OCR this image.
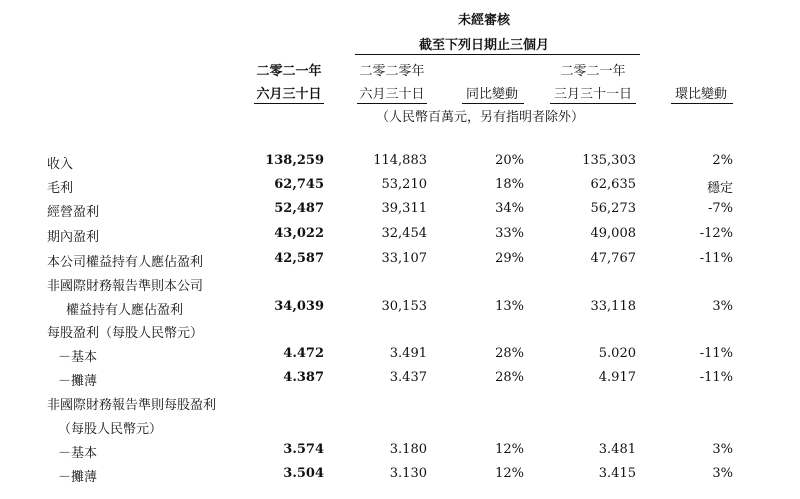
未經審核
截至下列日期止三個月
二零二一年
六月三十日
二零二零年
六月三十日	同比變動
二零二一年
三月三十一日	環比變動
（人民幣百萬元，另有指明者除外）
收入	138,259	114,883	20%	135,303	2%
毛利	62,745	53,210	18%	62,635	穩定
經營盈利	52,487	39,311	34%	56,273	-7%
期內盈利	43,022	32,454	33%	49,008	-12%
本公司權益持有人應佔盈利	42,587	33,107	29%	47,767	-11%
非國際財務報告準則本公司
權益持有人應佔盈利	34,039	30,153	13%	33,118	3%
每股盈利（每股人民幣元）
－基本	4.472	3.491	28%	5.020	-11%
－攤薄	4.387	3.437	28%	4.917	-11%
非國際財務報告準則每股盈利
（每股人民幣元）
－基本	3.574	3.180	12%	3.481	3%
－攤薄	3.504	3.130	12%	3.415	3%
